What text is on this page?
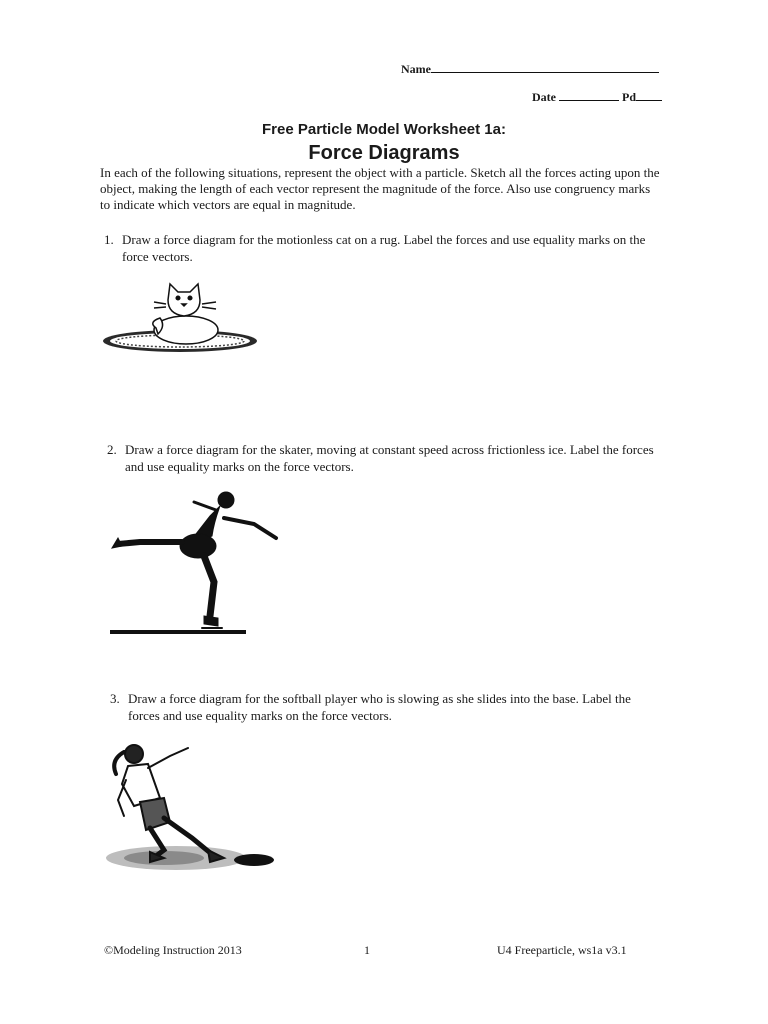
Name
Date	Pd
Free Particle Model Worksheet 1a:
Force Diagrams
In each of the following situations, represent the object with a particle. Sketch all the forces acting upon the object, making the length of each vector represent the magnitude of the force. Also use congruency marks to indicate which vectors are equal in magnitude.
1. Draw a force diagram for the motionless cat on a rug. Label the forces and use equality marks on the force vectors.
2. Draw a force diagram for the skater, moving at constant speed across frictionless ice. Label the forces and use equality marks on the force vectors.
3. Draw a force diagram for the softball player who is slowing as she slides into the base. Label the forces and use equality marks on the force vectors.
©Modeling Instruction 2013	1	U4 Freeparticle, ws1a v3.1
